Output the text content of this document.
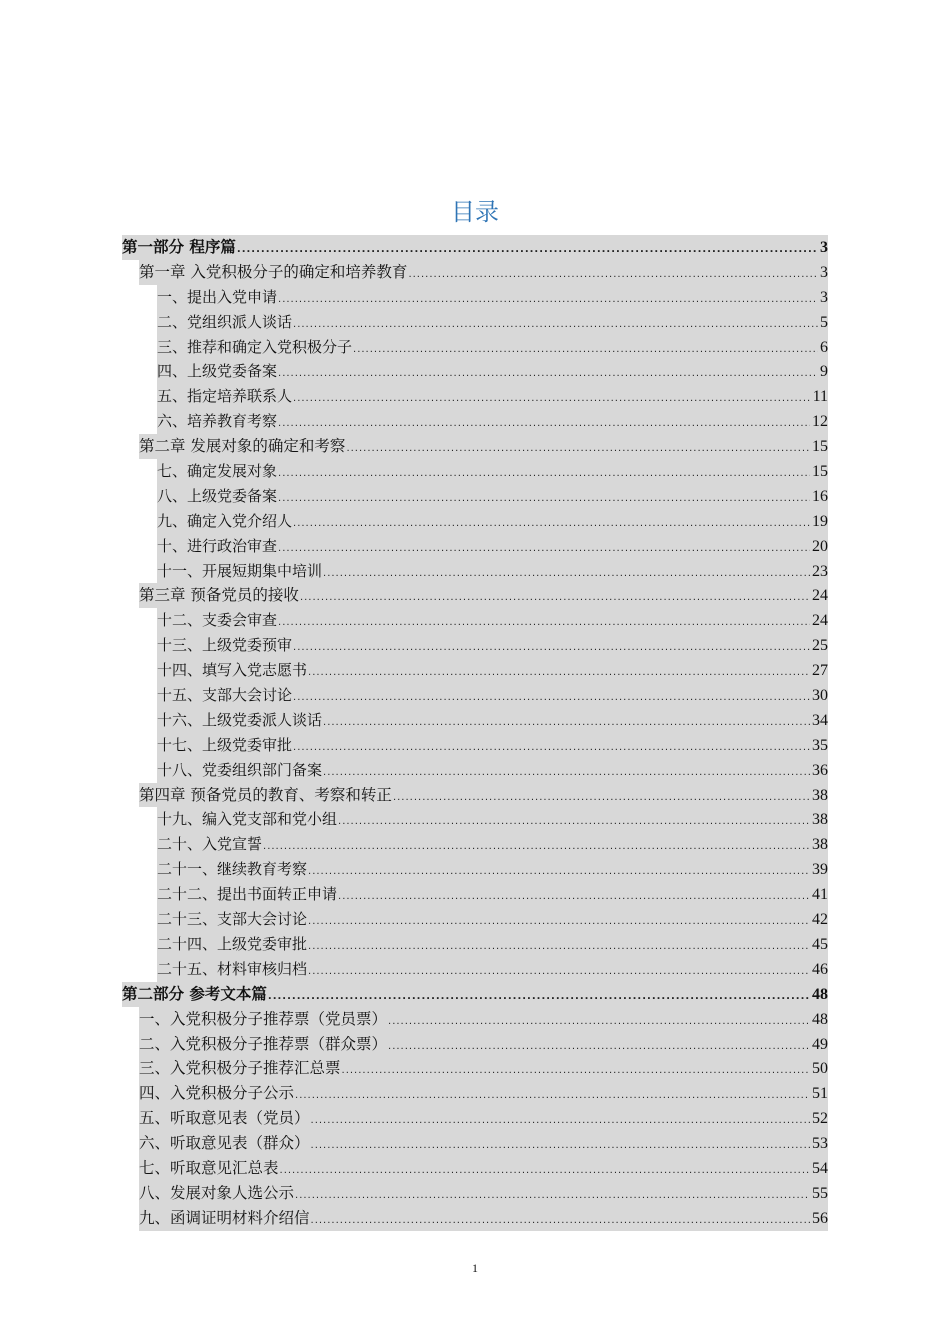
目录
第一部分 程序篇 .....	3
第一章 入党积极分子的确定和培养教育 .....	3
一、提出入党申请 .....	3
二、党组织派人谈话 .....	5
三、推荐和确定入党积极分子 .....	6
四、上级党委备案 .....	9
五、指定培养联系人 .....	11
六、培养教育考察 .....	12
第二章 发展对象的确定和考察 .....	15
七、确定发展对象 .....	15
八、上级党委备案 .....	16
九、确定入党介绍人 .....	19
十、进行政治审查 .....	20
十一、开展短期集中培训 .....	23
第三章 预备党员的接收 .....	24
十二、支委会审查 .....	24
十三、上级党委预审 .....	25
十四、填写入党志愿书 .....	27
十五、支部大会讨论 .....	30
十六、上级党委派人谈话 .....	34
十七、上级党委审批 .....	35
十八、党委组织部门备案 .....	36
第四章 预备党员的教育、考察和转正 .....	38
十九、编入党支部和党小组 .....	38
二十、入党宣誓 .....	38
二十一、继续教育考察 .....	39
二十二、提出书面转正申请 .....	41
二十三、支部大会讨论 .....	42
二十四、上级党委审批 .....	45
二十五、材料审核归档 .....	46
第二部分 参考文本篇 .....	48
一、入党积极分子推荐票（党员票） .....	48
二、入党积极分子推荐票（群众票） .....	49
三、入党积极分子推荐汇总票 .....	50
四、入党积极分子公示 .....	51
五、听取意见表（党员） .....	52
六、听取意见表（群众） .....	53
七、听取意见汇总表 .....	54
八、发展对象人选公示 .....	55
九、函调证明材料介绍信 .....	56
1
